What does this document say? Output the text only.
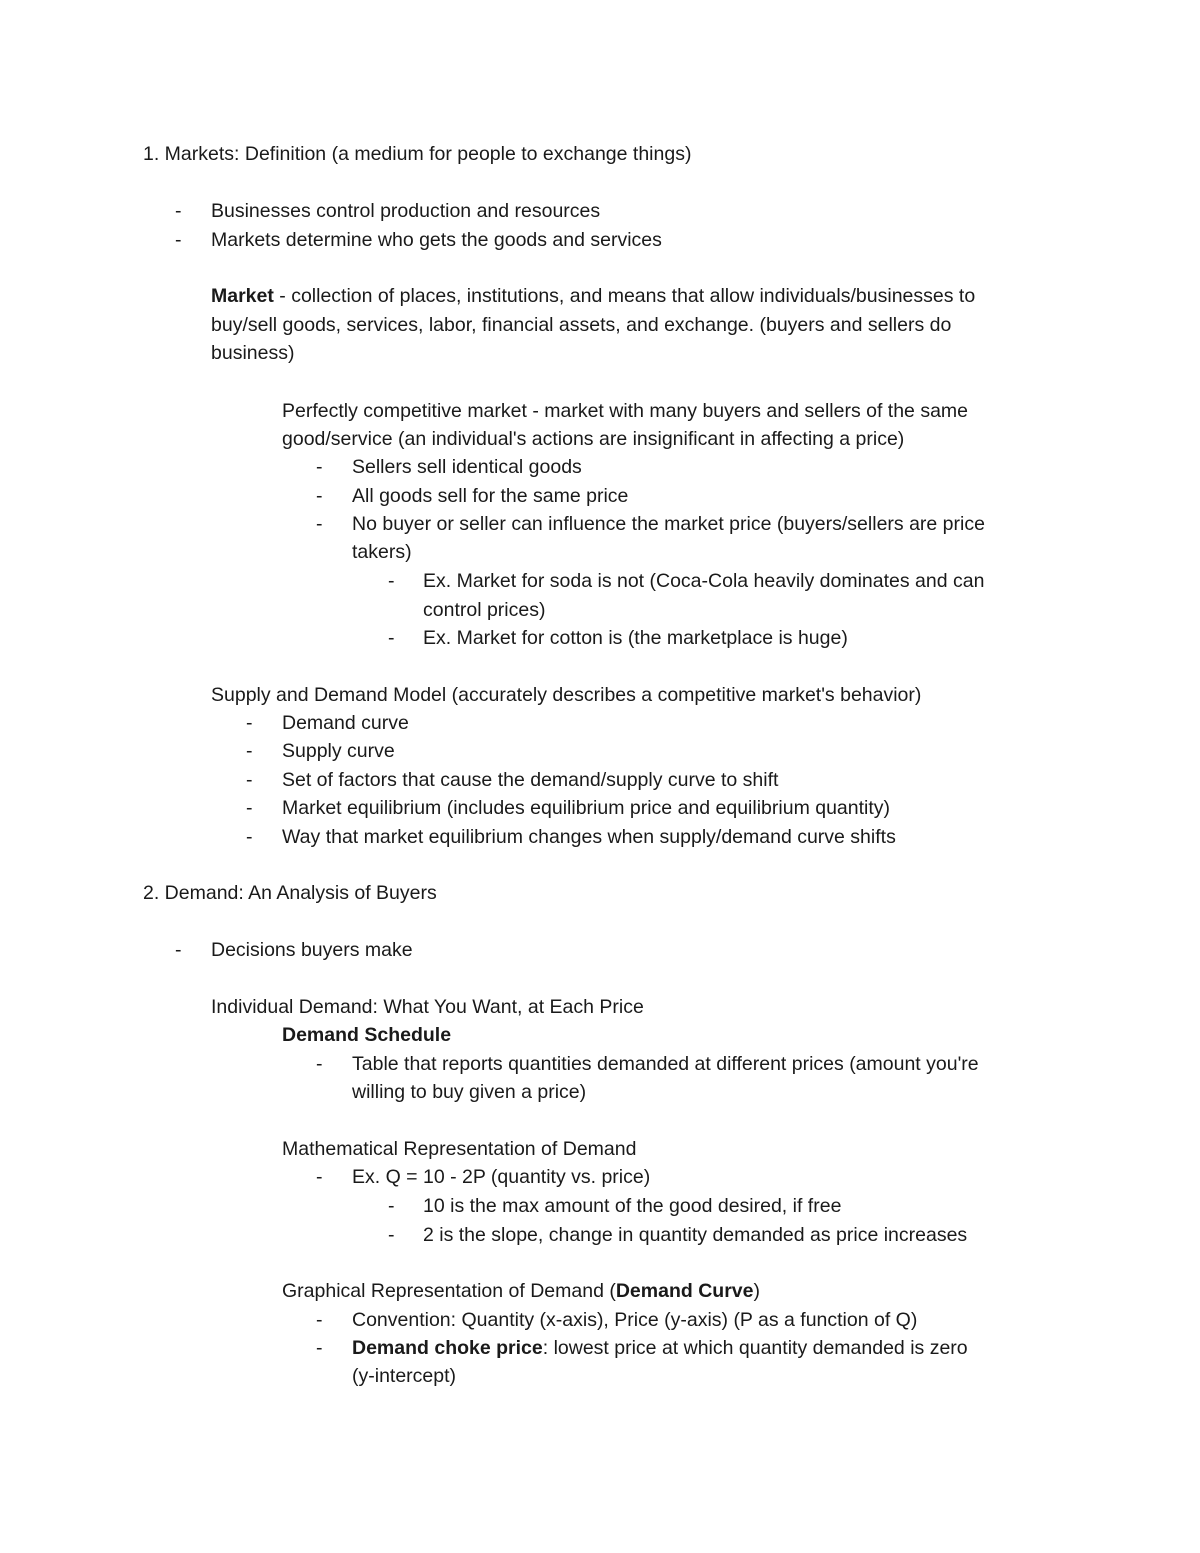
1. Markets: Definition (a medium for people to exchange things)
- Businesses control production and resources
- Markets determine who gets the goods and services
Market - collection of places, institutions, and means that allow individuals/businesses to
buy/sell goods, services, labor, financial assets, and exchange. (buyers and sellers do
business)
Perfectly competitive market - market with many buyers and sellers of the same
good/service (an individual's actions are insignificant in affecting a price)
- Sellers sell identical goods
- All goods sell for the same price
- No buyer or seller can influence the market price (buyers/sellers are price
takers)
- Ex. Market for soda is not (Coca-Cola heavily dominates and can
control prices)
- Ex. Market for cotton is (the marketplace is huge)
Supply and Demand Model (accurately describes a competitive market's behavior)
- Demand curve
- Supply curve
- Set of factors that cause the demand/supply curve to shift
- Market equilibrium (includes equilibrium price and equilibrium quantity)
- Way that market equilibrium changes when supply/demand curve shifts
2. Demand: An Analysis of Buyers
- Decisions buyers make
Individual Demand: What You Want, at Each Price
Demand Schedule
- Table that reports quantities demanded at different prices (amount you're
willing to buy given a price)
Mathematical Representation of Demand
- Ex. Q = 10 - 2P (quantity vs. price)
- 10 is the max amount of the good desired, if free
- 2 is the slope, change in quantity demanded as price increases
Graphical Representation of Demand (Demand Curve)
- Convention: Quantity (x-axis), Price (y-axis) (P as a function of Q)
- Demand choke price: lowest price at which quantity demanded is zero
(y-intercept)
